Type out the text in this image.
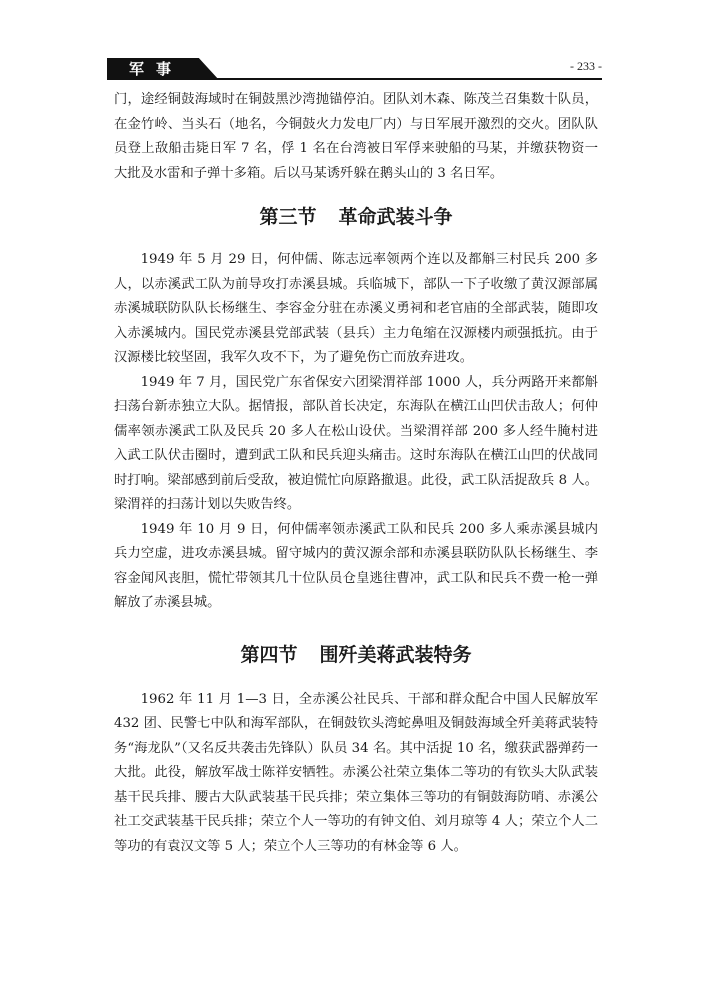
军事	- 233 -

门，途经铜鼓海域时在铜鼓黑沙湾抛锚停泊。团队刘木森、陈茂兰召集数十队员，在金竹岭、当头石（地名，今铜鼓火力发电厂内）与日军展开激烈的交火。团队队员登上敌船击毙日军 7 名，俘 1 名在台湾被日军俘来驶船的马某，并缴获物资一大批及水雷和子弹十多箱。后以马某诱歼躲在鹅头山的 3 名日军。

第三节 革命武装斗争

1949 年 5 月 29 日，何仲儒、陈志远率领两个连以及都斛三村民兵 200 多人，以赤溪武工队为前导攻打赤溪县城。兵临城下，部队一下子收缴了黄汉源部属赤溪城联防队队长杨继生、李容金分驻在赤溪义勇祠和老官庙的全部武装，随即攻入赤溪城内。国民党赤溪县党部武装（县兵）主力龟缩在汉源楼内顽强抵抗。由于汉源楼比较坚固，我军久攻不下，为了避免伤亡而放弃进攻。

1949 年 7 月，国民党广东省保安六团梁渭祥部 1000 人，兵分两路开来都斛扫荡台新赤独立大队。据情报，部队首长决定，东海队在横江山凹伏击敌人；何仲儒率领赤溪武工队及民兵 20 多人在松山设伏。当梁渭祥部 200 多人经牛腌村进入武工队伏击圈时，遭到武工队和民兵迎头痛击。这时东海队在横江山凹的伏战同时打响。梁部感到前后受敌，被迫慌忙向原路撤退。此役，武工队活捉敌兵 8 人。梁渭祥的扫荡计划以失败告终。

1949 年 10 月 9 日，何仲儒率领赤溪武工队和民兵 200 多人乘赤溪县城内兵力空虚，进攻赤溪县城。留守城内的黄汉源余部和赤溪县联防队队长杨继生、李容金闻风丧胆，慌忙带领其几十位队员仓皇逃往曹冲，武工队和民兵不费一枪一弹解放了赤溪县城。

第四节 围歼美蒋武装特务

1962 年 11 月 1—3 日，全赤溪公社民兵、干部和群众配合中国人民解放军 432 团、民警七中队和海军部队，在铜鼓钦头湾蛇鼻咀及铜鼓海域全歼美蒋武装特务“海龙队”（又名反共袭击先锋队）队员 34 名。其中活捉 10 名，缴获武器弹药一大批。此役，解放军战士陈祥安牺牲。赤溪公社荣立集体二等功的有钦头大队武装基干民兵排、腰古大队武装基干民兵排；荣立集体三等功的有铜鼓海防哨、赤溪公社工交武装基干民兵排；荣立个人一等功的有钟文伯、刘月琼等 4 人；荣立个人二等功的有袁汉文等 5 人；荣立个人三等功的有林金等 6 人。
